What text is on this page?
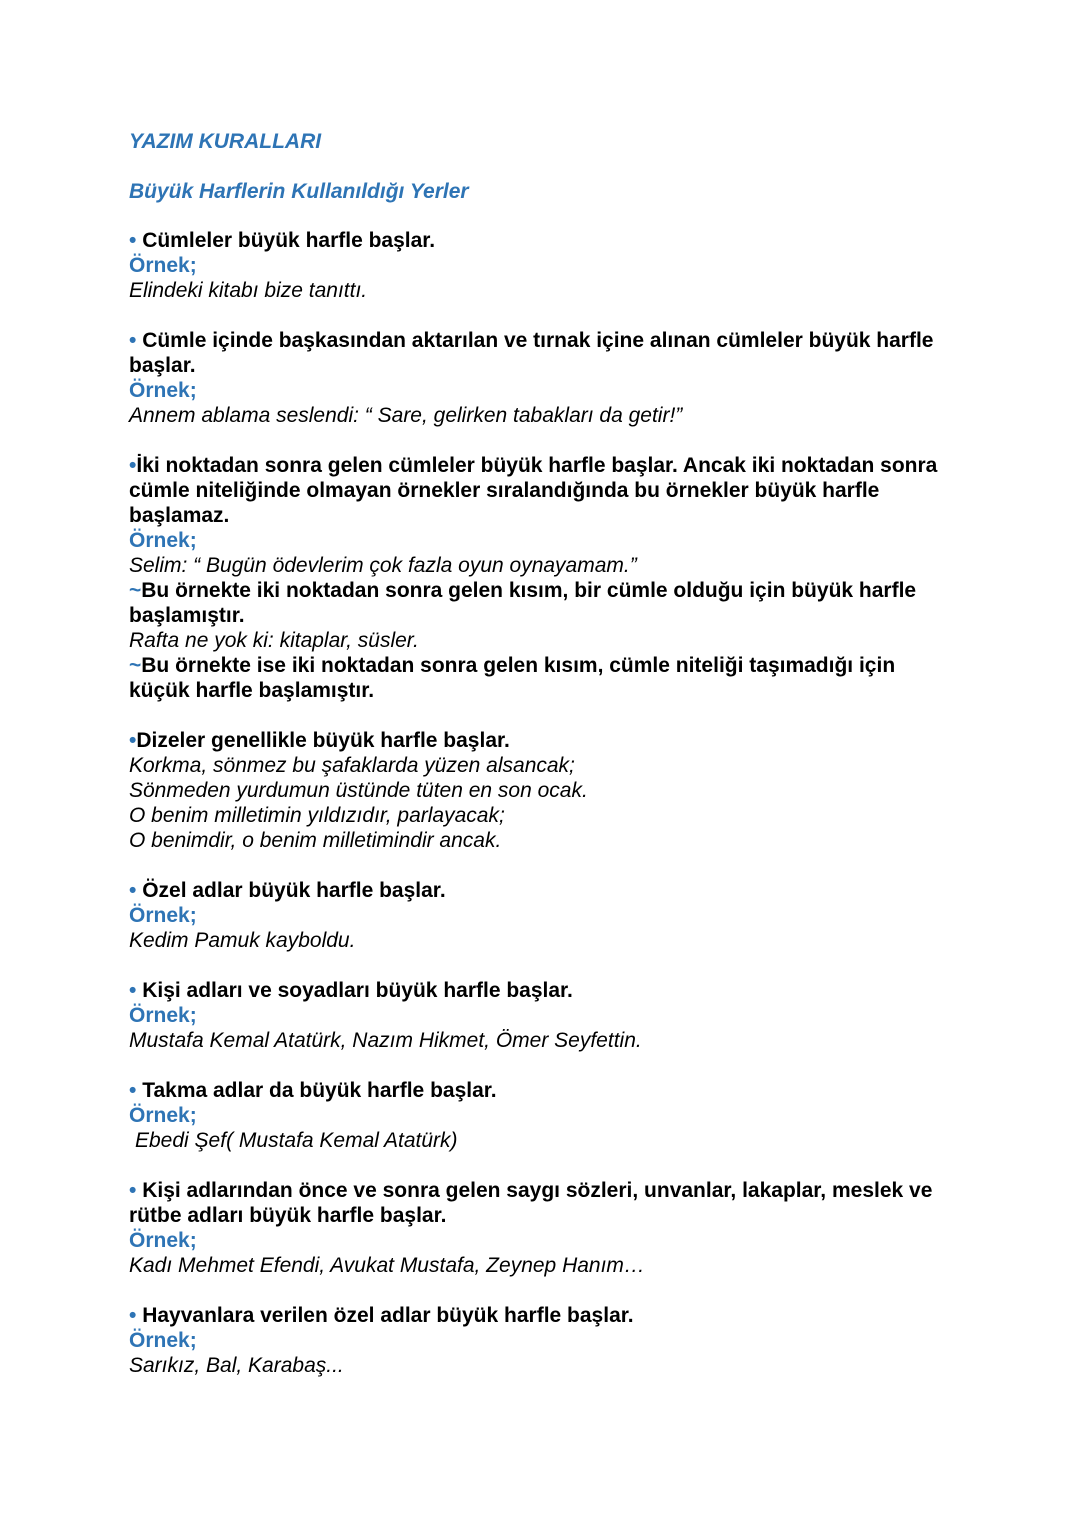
YAZIM KURALLARI

Büyük Harflerin Kullanıldığı Yerler

• Cümleler büyük harfle başlar.

Örnek;

Elindeki kitabı bize tanıttı.

• Cümle içinde başkasından aktarılan ve tırnak içine alınan cümleler büyük harfle başlar.

Örnek;

Annem ablama seslendi: “ Sare, gelirken tabakları da getir!”

•İki noktadan sonra gelen cümleler büyük harfle başlar. Ancak iki noktadan sonra cümle niteliğinde olmayan örnekler sıralandığında bu örnekler büyük harfle başlamaz.

Örnek;

Selim: “ Bugün ödevlerim çok fazla oyun oynayamam.”

~Bu örnekte iki noktadan sonra gelen kısım, bir cümle olduğu için büyük harfle başlamıştır.

Rafta ne yok ki: kitaplar, süsler.

~Bu örnekte ise iki noktadan sonra gelen kısım, cümle niteliği taşımadığı için küçük harfle başlamıştır.

•Dizeler genellikle büyük harfle başlar.

Korkma, sönmez bu şafaklarda yüzen alsancak;

Sönmeden yurdumun üstünde tüten en son ocak.

O benim milletimin yıldızıdır, parlayacak;

O benimdir, o benim milletimindir ancak.

• Özel adlar büyük harfle başlar.

Örnek;

Kedim Pamuk kayboldu.

• Kişi adları ve soyadları büyük harfle başlar.

Örnek;

Mustafa Kemal Atatürk, Nazım Hikmet, Ömer Seyfettin.

• Takma adlar da büyük harfle başlar.

Örnek;

Ebedi Şef( Mustafa Kemal Atatürk)

• Kişi adlarından önce ve sonra gelen saygı sözleri, unvanlar, lakaplar, meslek ve rütbe adları büyük harfle başlar.

Örnek;

Kadı Mehmet Efendi, Avukat Mustafa, Zeynep Hanım…

• Hayvanlara verilen özel adlar büyük harfle başlar.

Örnek;

Sarıkız, Bal, Karabaş...
